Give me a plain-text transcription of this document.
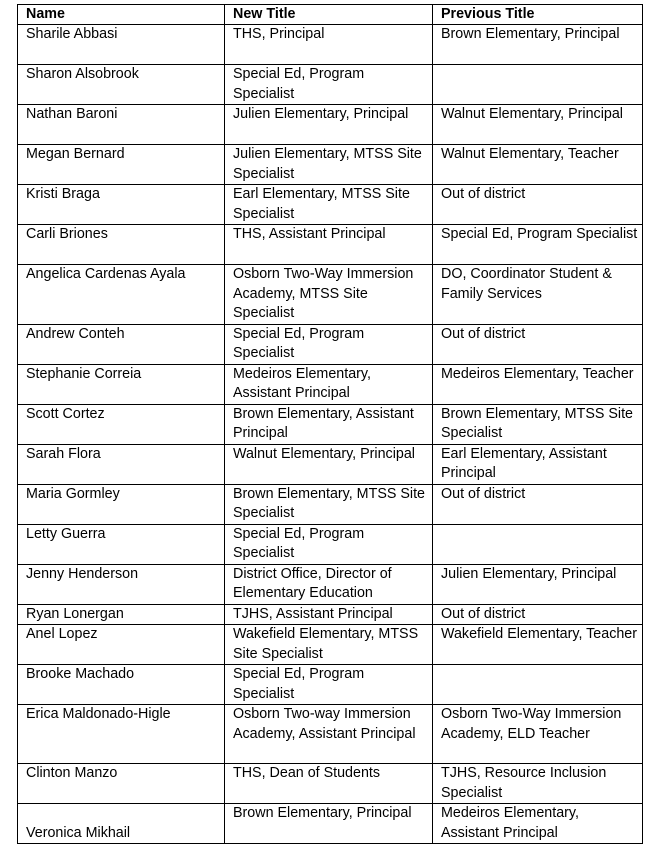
Name	New Title	Previous Title
Sharile Abbasi	THS, Principal	Brown Elementary, Principal
Sharon Alsobrook	Special Ed, Program Specialist	
Nathan Baroni	Julien Elementary, Principal	Walnut Elementary, Principal
Megan Bernard	Julien Elementary, MTSS Site Specialist	Walnut Elementary, Teacher
Kristi Braga	Earl Elementary, MTSS Site Specialist	Out of district
Carli Briones	THS, Assistant Principal	Special Ed, Program Specialist
Angelica Cardenas Ayala	Osborn Two-Way Immersion Academy, MTSS Site Specialist	DO, Coordinator Student & Family Services
Andrew Conteh	Special Ed, Program Specialist	Out of district
Stephanie Correia	Medeiros Elementary, Assistant Principal	Medeiros Elementary, Teacher
Scott Cortez	Brown Elementary, Assistant Principal	Brown Elementary, MTSS Site Specialist
Sarah Flora	Walnut Elementary, Principal	Earl Elementary, Assistant Principal
Maria Gormley	Brown Elementary, MTSS Site Specialist	Out of district
Letty Guerra	Special Ed, Program Specialist	
Jenny Henderson	District Office, Director of Elementary Education	Julien Elementary, Principal
Ryan Lonergan	TJHS, Assistant Principal	Out of district
Anel Lopez	Wakefield Elementary, MTSS Site Specialist	Wakefield Elementary, Teacher
Brooke Machado	Special Ed, Program Specialist	
Erica Maldonado-Higle	Osborn Two-way Immersion Academy, Assistant Principal	Osborn Two-Way Immersion Academy, ELD Teacher
Clinton Manzo	THS, Dean of Students	TJHS, Resource Inclusion Specialist
Veronica Mikhail	Brown Elementary, Principal	Medeiros Elementary, Assistant Principal
